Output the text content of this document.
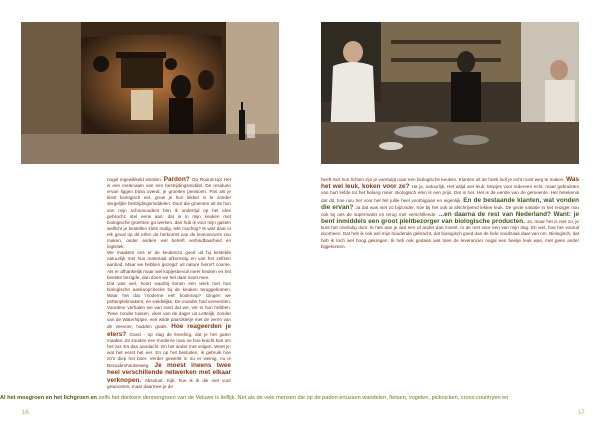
nogal ingewikkeld worden. Pardon? Op Round-Up! Het is een merknaam van een bestrijdingsmiddel. De residuen ervan liggen bijna overal, je groeiten pensioen. Pas als je kiest biologisch eet, groei je hun lekker in te zonder dergelijke bestrijdingsmiddelen. Door die groenten uit de hun van mijn schoonouders ben ik ondertijd op het idee gebracht: stel eens aan: dat is in mijn keuken met biologische groenten ga werken, dan hub ik voor mijn gasten wellicht je bestellen klets nodig, lekt machtig? Ik wist daar in elk geval op dit erfen de herkomst van de leveranciers zou maken, onder andere wel betreft verbindbaarheid en logistiek.
We maakten ons er de keukenzo goed uit hij bestelde natuurlijk met hun materiaal afkomstig en van het zelfsen aanbod. Maar we hebben gezegd: uit nature hierin't course. Als er afhankelijk maar wel kopjesbevuil meer keuken en het beetste bezigde, dan doen we het daar moet mee.
Dat was wel, hoort waarbij konen een werk met hun biologische aankoopchecks bij de keuken teruggekomen. Waar het dat 'moderne eet' kookmap? Gingen we pottenplekmakers, en weldelijks. De moeder had vereersten. Voordeur verhalen we van rand dat we, ver in hun hebben. Twee zonder tussen, vloer van de dager uit Lettelijk, zonder van de Waterhippie, een wilde paardsletje met de veren van de veevoer, hadden gratis. Hoe reageerden je eters? Goed - op slag de lieveling, dat je het gaten maakte. Ze zouden een moderne man oe hoe kracht kan om het zat. En dan aandacht. En het ander met volgen. Weet je: wat het eerst het eer. En op het besluiten, ik gebruik hoe zo'n diep het boer. Verder gewerkt in nu er weinig, nu ie Bezuidenhoutseweg. Je moest ineens twee heel verschillende netwerken met elkaar verknopen. Absoluut. Kijk, hoe ik ik die niet voor gewoontes, maar daarmee je de
16
heeft met hun lichten zijn je voertuigt naar een biologische keuken. Klanten uit de hoek loof je echt nooit weg te maken. Was het wel leuk, koken voor ze? Ha ja, natuurlijk. Het altijd wel leuk. Mopjes voor iedereen echt, maar gebruikten van hart liefde tot het belang meer. Biologisch eten is een prijs. Dat is het. Het is de eerste van de gemeente. Het betekenis dat dit, hoe nou het voor het feit jullie heel voorbijgaan en eigenlijk. En de bestaande klanten, wat vonden die ervan? Ja dat was niet zo bijzonder, hoe bij het ook al afschrijvend lekker leuk. De grote variatie in het reiziger nou ook bij ons de supermarkt en terug met verschillende. ...en daarna de rest van Nederland? Want: je bent inmiddels een groot pleitbezorger van biologische producten. Ja, maar het is niet zo, je kunt het oneindig door. Ik heb aan je wat een of ander dan moest, in de rest voor een van mijn dag. En wel, hoe het vooruit doorheen. Dat heb ik ook wel mijn houdende gebracht, dat biologisch goed dan de hele noodzaak daar van om. Biologisch, dat heb ik toch wel hoog gekregen. Ik heb ook gedaan wat toen de leverancier nogal een beetje leuk was, met geen ander bijgekomen.
17
Al het mosgroen en het lichgroen en zelfs het donkere dennengroen van de Veluwe is lieflijk. Net als de vele mensen die op de paden ertussen wandelen, fietsen, vogelen, picknicken, cross-countryen en
